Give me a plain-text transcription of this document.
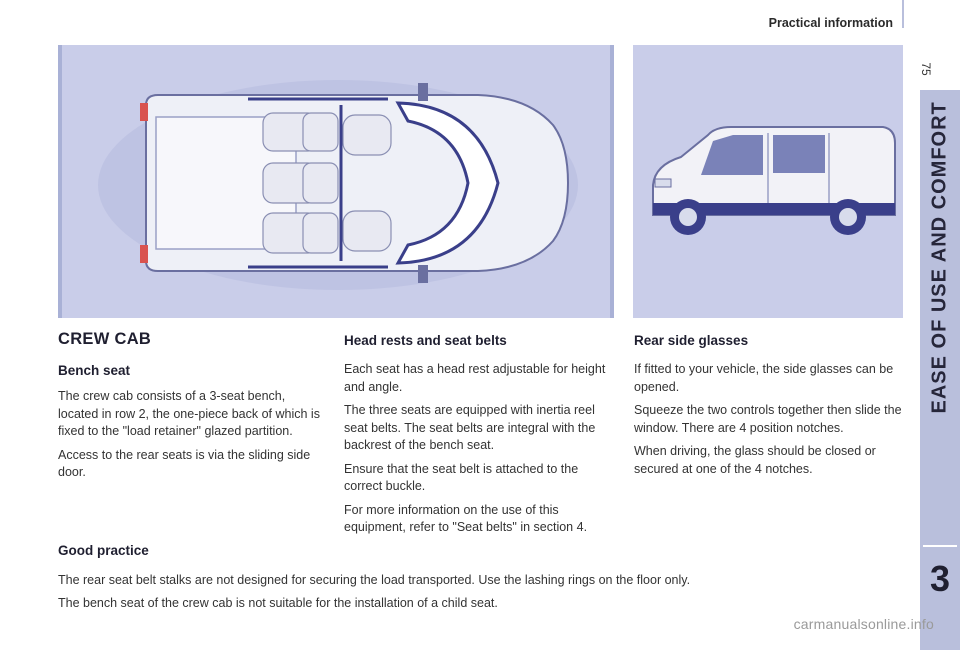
Practical information
75
EASE OF USE AND COMFORT
3
CREW CAB
Bench seat

The crew cab consists of a 3-seat bench, located in row 2, the one-piece back of which is fixed to the "load retainer" glazed partition.

Access to the rear seats is via the sliding side door.

Head rests and seat belts

Each seat has a head rest adjustable for height and angle.

The three seats are equipped with inertia reel seat belts. The seat belts are integral with the backrest of the bench seat.

Ensure that the seat belt is attached to the correct buckle.

For more information on the use of this equipment, refer to "Seat belts" in section 4.

Rear side glasses

If fitted to your vehicle, the side glasses can be opened.

Squeeze the two controls together then slide the window. There are 4 position notches.

When driving, the glass should be closed or secured at one of the 4 notches.

Good practice

The rear seat belt stalks are not designed for securing the load transported. Use the lashing rings on the floor only.

The bench seat of the crew cab is not suitable for the installation of a child seat.

carmanualsonline.info
